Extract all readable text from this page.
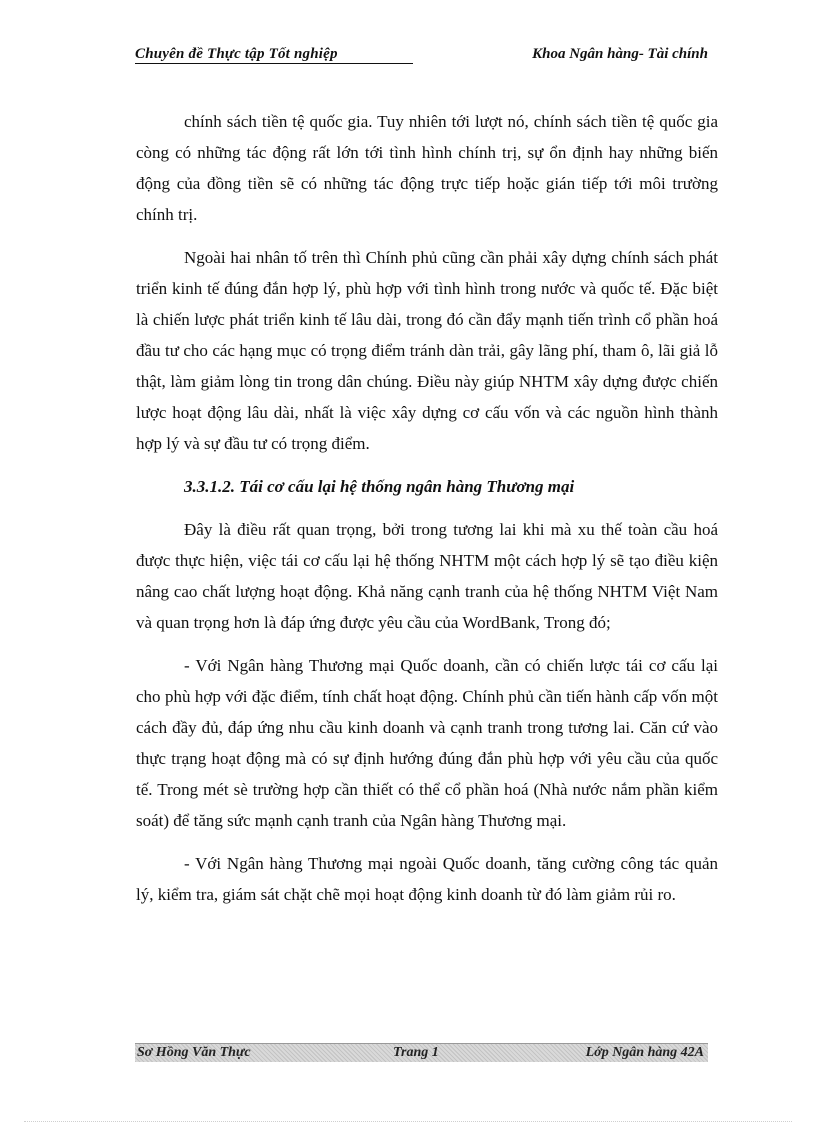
Chuyên đề Thực tập Tốt nghiệp	Khoa Ngân hàng- Tài chính

chính sách tiền tệ quốc gia. Tuy nhiên tới lượt nó, chính sách tiền tệ quốc gia còng có những tác động rất lớn tới tình hình chính trị, sự ổn định hay những biến động của đồng tiền sẽ có những tác động trực tiếp hoặc gián tiếp tới môi trường chính trị.

Ngoài hai nhân tố trên thì Chính phủ cũng cần phải xây dựng chính sách phát triển kinh tế đúng đắn hợp lý, phù hợp với tình hình trong nước và quốc tế. Đặc biệt là chiến lược phát triển kinh tế lâu dài, trong đó cần đẩy mạnh tiến trình cổ phần hoá đầu tư cho các hạng mục có trọng điểm tránh dàn trải, gây lãng phí, tham ô, lãi giả lỗ thật, làm giảm lòng tin trong dân chúng. Điều này giúp NHTM xây dựng được chiến lược hoạt động lâu dài, nhất là việc xây dựng cơ cấu vốn và các nguồn hình thành hợp lý và sự đầu tư có trọng điểm.

3.3.1.2. Tái cơ cấu lại hệ thống ngân hàng Thương mại

Đây là điều rất quan trọng, bởi trong tương lai khi mà xu thế toàn cầu hoá được thực hiện, việc tái cơ cấu lại hệ thống NHTM một cách hợp lý sẽ tạo điều kiện nâng cao chất lượng hoạt động. Khả năng cạnh tranh của hệ thống NHTM Việt Nam và quan trọng hơn là đáp ứng được yêu cầu của WordBank, Trong đó;

- Với Ngân hàng Thương mại Quốc doanh, cần có chiến lược tái cơ cấu lại cho phù hợp với đặc điểm, tính chất hoạt động. Chính phủ cần tiến hành cấp vốn một cách đầy đủ, đáp ứng nhu cầu kinh doanh và cạnh tranh trong tương lai. Căn cứ vào thực trạng hoạt động mà có sự định hướng đúng đắn phù hợp với yêu cầu của quốc tế. Trong mét sè trường hợp cần thiết có thể cổ phần hoá (Nhà nước nắm phần kiểm soát) để tăng sức mạnh cạnh tranh của Ngân hàng Thương mại.

- Với Ngân hàng Thương mại ngoài Quốc doanh, tăng cường công tác quản lý, kiểm tra, giám sát chặt chẽ mọi hoạt động kinh doanh từ đó làm giảm rủi ro.

Sơ Hồng Văn Thực	Trang 1	Lớp Ngân hàng 42A
